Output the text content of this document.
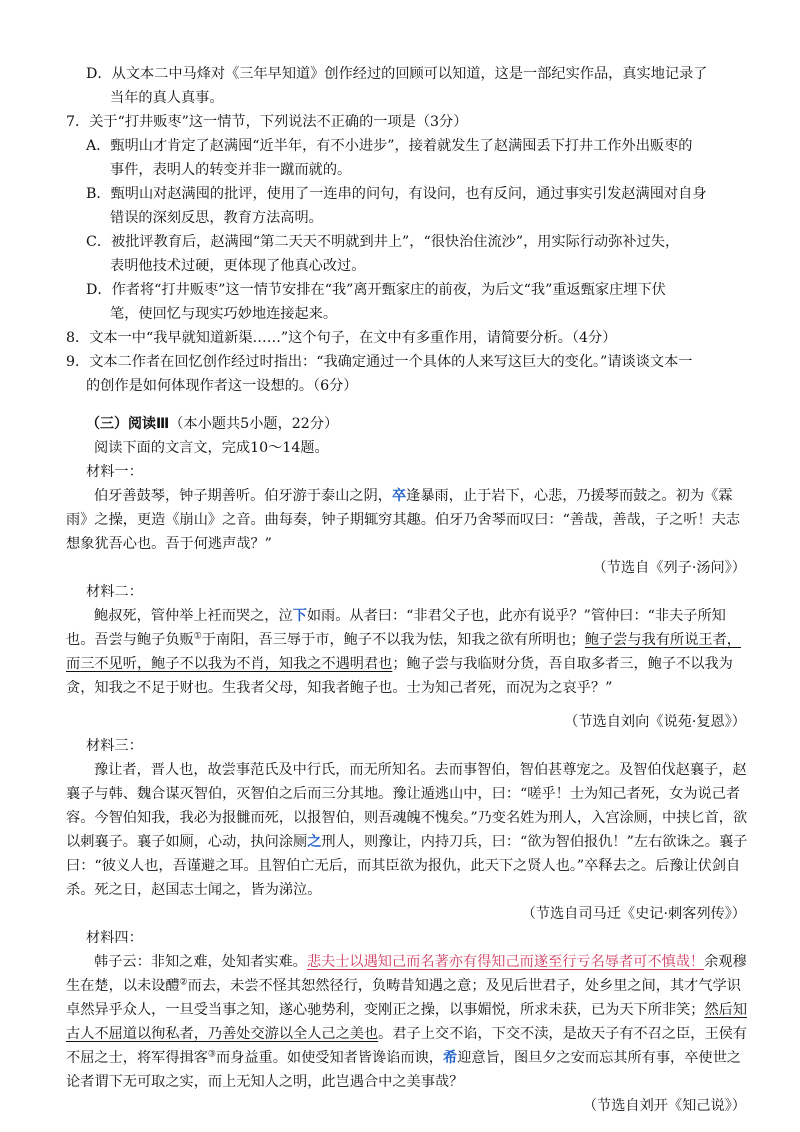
D．从文本二中马烽对《三年早知道》创作经过的回顾可以知道，这是一部纪实作品，真实地记录了
当年的真人真事。
7．关于“打井贩枣”这一情节，下列说法不正确的一项是（3分）
A．甄明山才肯定了赵满囤“近半年，有不小进步”，接着就发生了赵满囤丢下打井工作外出贩枣的
事件，表明人的转变并非一蹴而就的。
B．甄明山对赵满囤的批评，使用了一连串的问句，有设问，也有反问，通过事实引发赵满囤对自身
错误的深刻反思，教育方法高明。
C．被批评教育后，赵满囤“第二天天不明就到井上”，“很快治住流沙”，用实际行动弥补过失，
表明他技术过硬，更体现了他真心改过。
D．作者将“打井贩枣”这一情节安排在“我”离开甄家庄的前夜，为后文“我”重返甄家庄埋下伏
笔，使回忆与现实巧妙地连接起来。
8．文本一中“我早就知道新渠……”这个句子，在文中有多重作用，请简要分析。（4分）
9．文本二作者在回忆创作经过时指出：“我确定通过一个具体的人来写这巨大的变化。”请谈谈文本一
的创作是如何体现作者这一设想的。（6分）
（三）阅读Ⅲ（本小题共5小题，22分）
阅读下面的文言文，完成10～14题。
材料一：
伯牙善鼓琴，钟子期善听。伯牙游于泰山之阴，卒逢暴雨，止于岩下，心悲，乃援琴而鼓之。初为《霖雨》之操，更造《崩山》之音。曲每奏，钟子期辄穷其趣。伯牙乃舍琴而叹曰：“善哉，善哉，子之听！夫志想象犹吾心也。吾于何逃声哉？”
（节选自《列子·汤问》）
材料二：
鲍叔死，管仲举上衽而哭之，泣下如雨。从者曰：“非君父子也，此亦有说乎？”管仲曰：“非夫子所知也。吾尝与鲍子负贩①于南阳，吾三辱于市，鲍子不以我为怯，知我之欲有所明也；鲍子尝与我有所说王者，而三不见听，鲍子不以我为不肖，知我之不遇明君也；鲍子尝与我临财分货，吾自取多者三，鲍子不以我为贪，知我之不足于财也。生我者父母，知我者鲍子也。士为知己者死，而况为之哀乎？”
（节选自刘向《说苑·复恩》）
材料三：
豫让者，晋人也，故尝事范氏及中行氏，而无所知名。去而事智伯，智伯甚尊宠之。及智伯伐赵襄子，赵襄子与韩、魏合谋灭智伯，灭智伯之后而三分其地。豫让遁逃山中，曰：“嗟乎！士为知己者死，女为说己者容。今智伯知我，我必为报雠而死，以报智伯，则吾魂魄不愧矣。”乃变名姓为刑人，入宫涂厕，中挟匕首，欲以刺襄子。襄子如厕，心动，执问涂厕之刑人，则豫让，内持刀兵，曰：“欲为智伯报仇！”左右欲诛之。襄子曰：“彼义人也，吾谨避之耳。且智伯亡无后，而其臣欲为报仇，此天下之贤人也。”卒释去之。后豫让伏剑自杀。死之日，赵国志士闻之，皆为涕泣。
（节选自司马迁《史记·刺客列传》）
材料四：
韩子云：非知之难，处知者实难。悲夫士以遇知己而名著亦有得知己而遂至行亏名辱者可不慎哉！余观穆生在楚，以未设醴②而去，未尝不怪其恕然径行，负畴昔知遇之意；及见后世君子，处乡里之间，其才气学识卓然异乎众人，一旦受当事之知，遂心驰势利，变刚正之操，以事媚悦，所求未获，已为天下所非笑；然后知古人不屈道以徇私者，乃善处交游以全人己之美也。君子上交不谄，下交不渎，是故天子有不召之臣，王侯有不屈之士，将军得揖客③而身益重。如使受知者皆谗谄而谀，希迎意旨，图旦夕之安而忘其所有事，卒使世之论者谓下无可取之实，而上无知人之明，此岂遇合中之美事哉？
（节选自刘开《知己说》）
